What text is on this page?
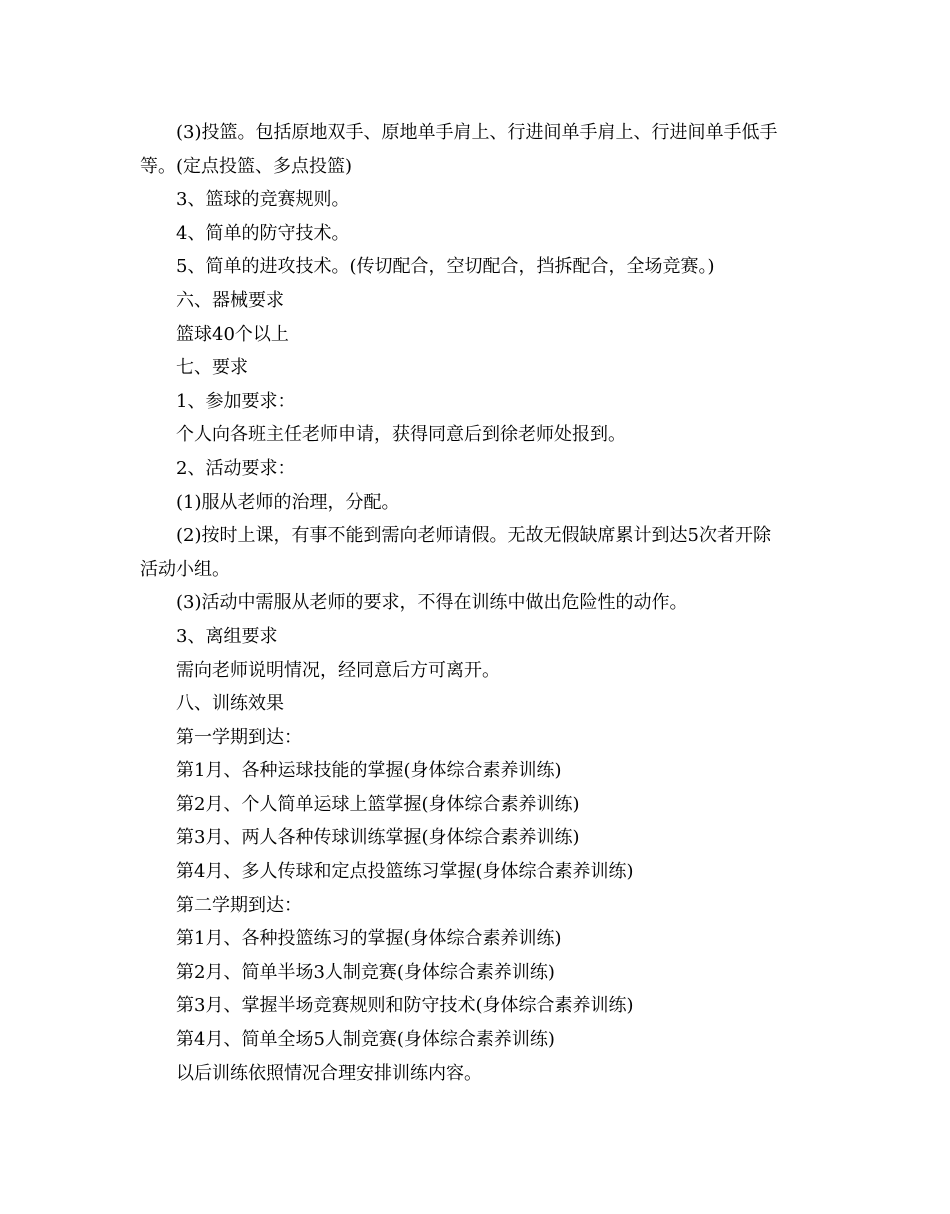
(3)投篮。包括原地双手、原地单手肩上、行进间单手肩上、行进间单手低手
等。(定点投篮、多点投篮)
3、篮球的竞赛规则。
4、简单的防守技术。
5、简单的进攻技术。(传切配合，空切配合，挡拆配合，全场竞赛。)
六、器械要求
篮球40个以上
七、要求
1、参加要求：
个人向各班主任老师申请，获得同意后到徐老师处报到。
2、活动要求：
(1)服从老师的治理，分配。
(2)按时上课，有事不能到需向老师请假。无故无假缺席累计到达5次者开除
活动小组。
(3)活动中需服从老师的要求，不得在训练中做出危险性的动作。
3、离组要求
需向老师说明情况，经同意后方可离开。
八、训练效果
第一学期到达：
第1月、各种运球技能的掌握(身体综合素养训练)
第2月、个人简单运球上篮掌握(身体综合素养训练)
第3月、两人各种传球训练掌握(身体综合素养训练)
第4月、多人传球和定点投篮练习掌握(身体综合素养训练)
第二学期到达：
第1月、各种投篮练习的掌握(身体综合素养训练)
第2月、简单半场3人制竞赛(身体综合素养训练)
第3月、掌握半场竞赛规则和防守技术(身体综合素养训练)
第4月、简单全场5人制竞赛(身体综合素养训练)
以后训练依照情况合理安排训练内容。
